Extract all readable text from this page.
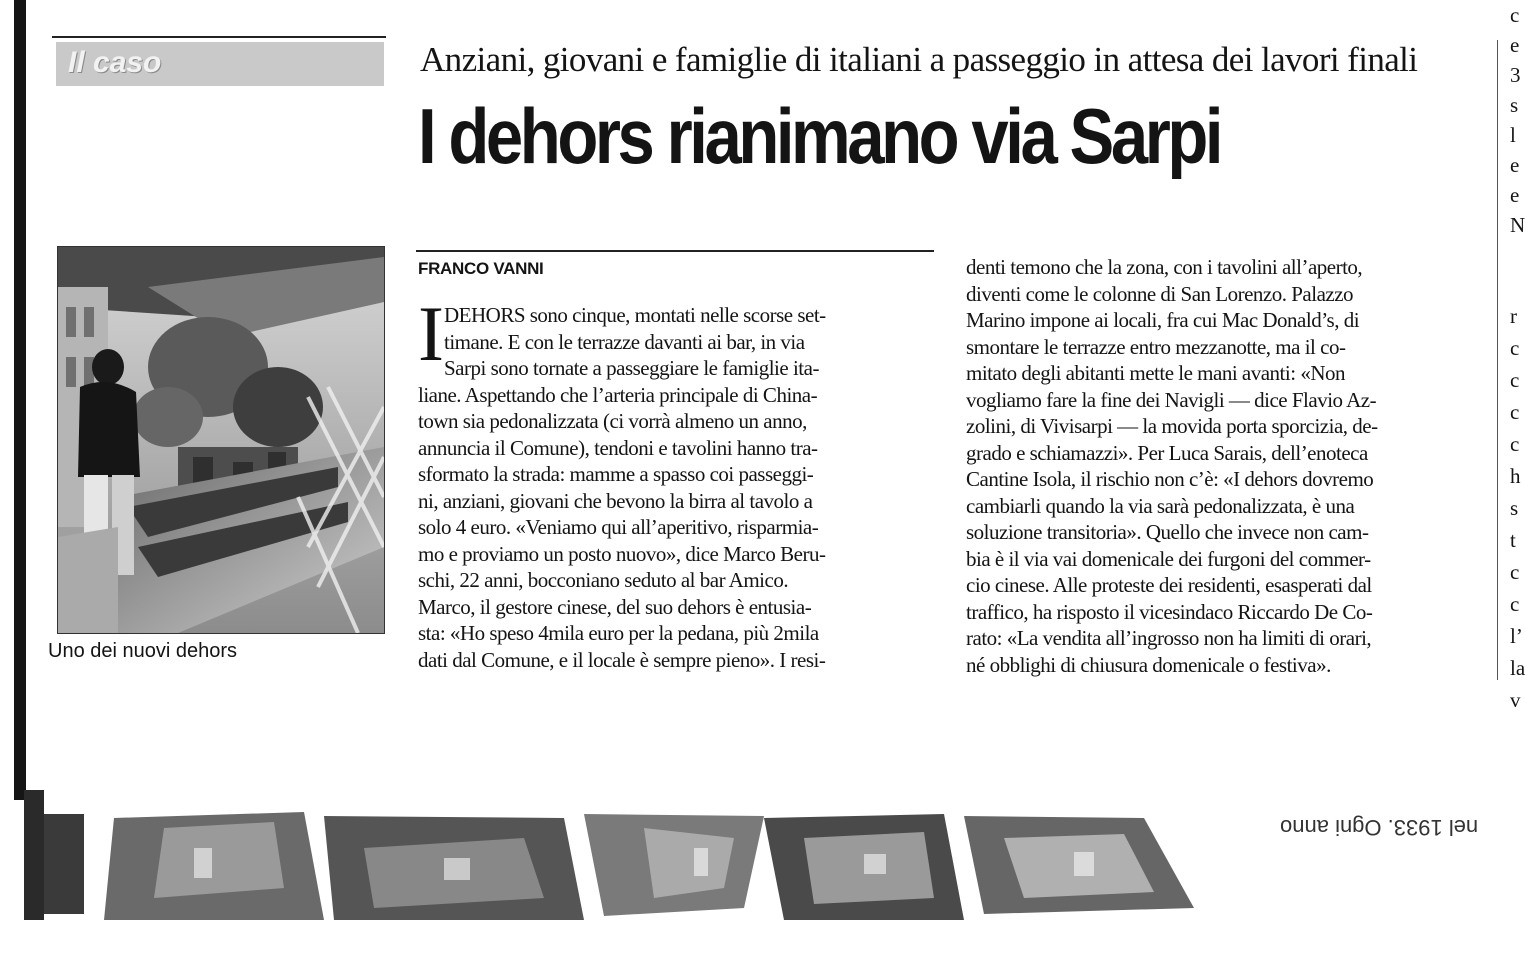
Il caso	Anziani, giovani e famiglie di italiani a passeggio in attesa dei lavori finali
I dehors rianimano via Sarpi
Uno dei nuovi dehors
FRANCO VANNI
I DEHORS sono cinque, montati nelle scorse set-
timane. E con le terrazze davanti ai bar, in via
Sarpi sono tornate a passeggiare le famiglie ita-
liane. Aspettando che l’arteria principale di China-
town sia pedonalizzata (ci vorrà almeno un anno,
annuncia il Comune), tendoni e tavolini hanno tra-
sformato la strada: mamme a spasso coi passeggi-
ni, anziani, giovani che bevono la birra al tavolo a
solo 4 euro. «Veniamo qui all’aperitivo, risparmia-
mo e proviamo un posto nuovo», dice Marco Beru-
schi, 22 anni, bocconiano seduto al bar Amico.
Marco, il gestore cinese, del suo dehors è entusia-
sta: «Ho speso 4mila euro per la pedana, più 2mila
dati dal Comune, e il locale è sempre pieno». I resi-
denti temono che la zona, con i tavolini all’aperto,
diventi come le colonne di San Lorenzo. Palazzo
Marino impone ai locali, fra cui Mac Donald’s, di
smontare le terrazze entro mezzanotte, ma il co-
mitato degli abitanti mette le mani avanti: «Non
vogliamo fare la fine dei Navigli — dice Flavio Az-
zolini, di Vivisarpi — la movida porta sporcizia, de-
grado e schiamazzi». Per Luca Sarais, dell’enoteca
Cantine Isola, il rischio non c’è: «I dehors dovremo
cambiarli quando la via sarà pedonalizzata, è una
soluzione transitoria». Quello che invece non cam-
bia è il via vai domenicale dei furgoni del commer-
cio cinese. Alle proteste dei residenti, esasperati dal
traffico, ha risposto il vicesindaco Riccardo De Co-
rato: «La vendita all’ingrosso non ha limiti di orari,
né obblighi di chiusura domenicale o festiva».
c
e
3
s
l
e
e
N
r
c
c
c
c
h
s
t
c
c
l’
la
v
nel 1933. Ogni anno
